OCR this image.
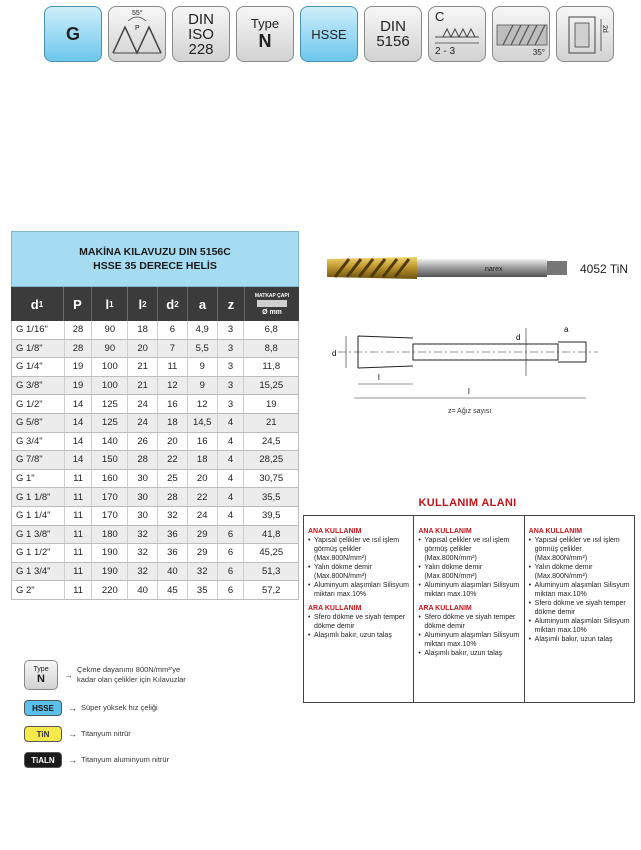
G
55°
P
DIN
ISO
228
Type
N	HSSE DIN
5156
C
2 - 3	35°
2d
MAKİNA KILAVUZU DIN 5156C
HSSE 35 DERECE HELİS
d 1 P l 1 l 2 d 2 a z
MATKAP ÇAPI
Ø mm
G 1/16"	28	90	18	6	4,9	3	6,8
G 1/8"	28	90	20	7	5,5	3	8,8
G 1/4"	19	100	21	11	9	3	11,8
G 3/8"	19	100	21	12	9	3	15,25
G 1/2"	14	125	24	16	12	3	19
G 5/8"	14	125	24	18	14,5	4	21
G 3/4"	14	140	26	20	16	4	24,5
G 7/8"	14	150	28	22	18	4	28,25
G 1"	11	160	30	25	20	4	30,75
G 1 1/8"	11	170	30	28	22	4	35,5
G 1 1/4"	11	170	30	32	24	4	39,5
G 1 3/8"	11	180	32	36	29	6	41,8
G 1 1/2"	11	190	32	36	29	6	45,25
G 1 3/4"	11	190	32	40	32	6	51,3
G 2"	11	220	40	45	35	6	57,2
Type
N →
Çekme dayanımı 800N/mm²'ye
kadar olan çelikler için Kılavuzlar
HSSE	→ Süper yüksek hız çeliği
TiN	→ Titanyum nitrür
TiALN	→ Titanyum aluminyum nitrür
narex	4052 TiN
d
d
a
l
l
z= Ağız sayısı
KULLANIM ALANI
ANA KULLANIM
• Yapısal çelikler ve ısıl işlem görmüş çelikler (Max.800N/mm²)
• Yalın dökme demir (Max.800N/mm²)
• Aluminyum alaşımları Silisyum miktarı max.10%
ARA KULLANIM
• Sfero dökme ve siyah temper dökme demir
• Alaşımlı bakır, uzun talaş
ANA KULLANIM
• Yapısal çelikler ve ısıl işlem görmüş çelikler (Max.800N/mm²)
• Yalın dökme demir (Max.800N/mm²)
• Aluminyum alaşımları Silisyum miktarı max.10%
ARA KULLANIM
• Sfero dökme ve siyah temper dökme demir
• Aluminyum alaşımları Silisyum miktarı max.10%
• Alaşımlı bakır, uzun talaş
ANA KULLANIM
• Yapısal çelikler ve ısıl işlem görmüş çelikler (Max.800N/mm²)
• Yalın dökme demir (Max.800N/mm²)
• Aluminyum alaşımları Silisyum miktarı max.10%
• Sfero dökme ve siyah temper dökme demir
• Aluminyum alaşımları Silisyum miktarı max.10%
• Alaşımlı bakır, uzun talaş
